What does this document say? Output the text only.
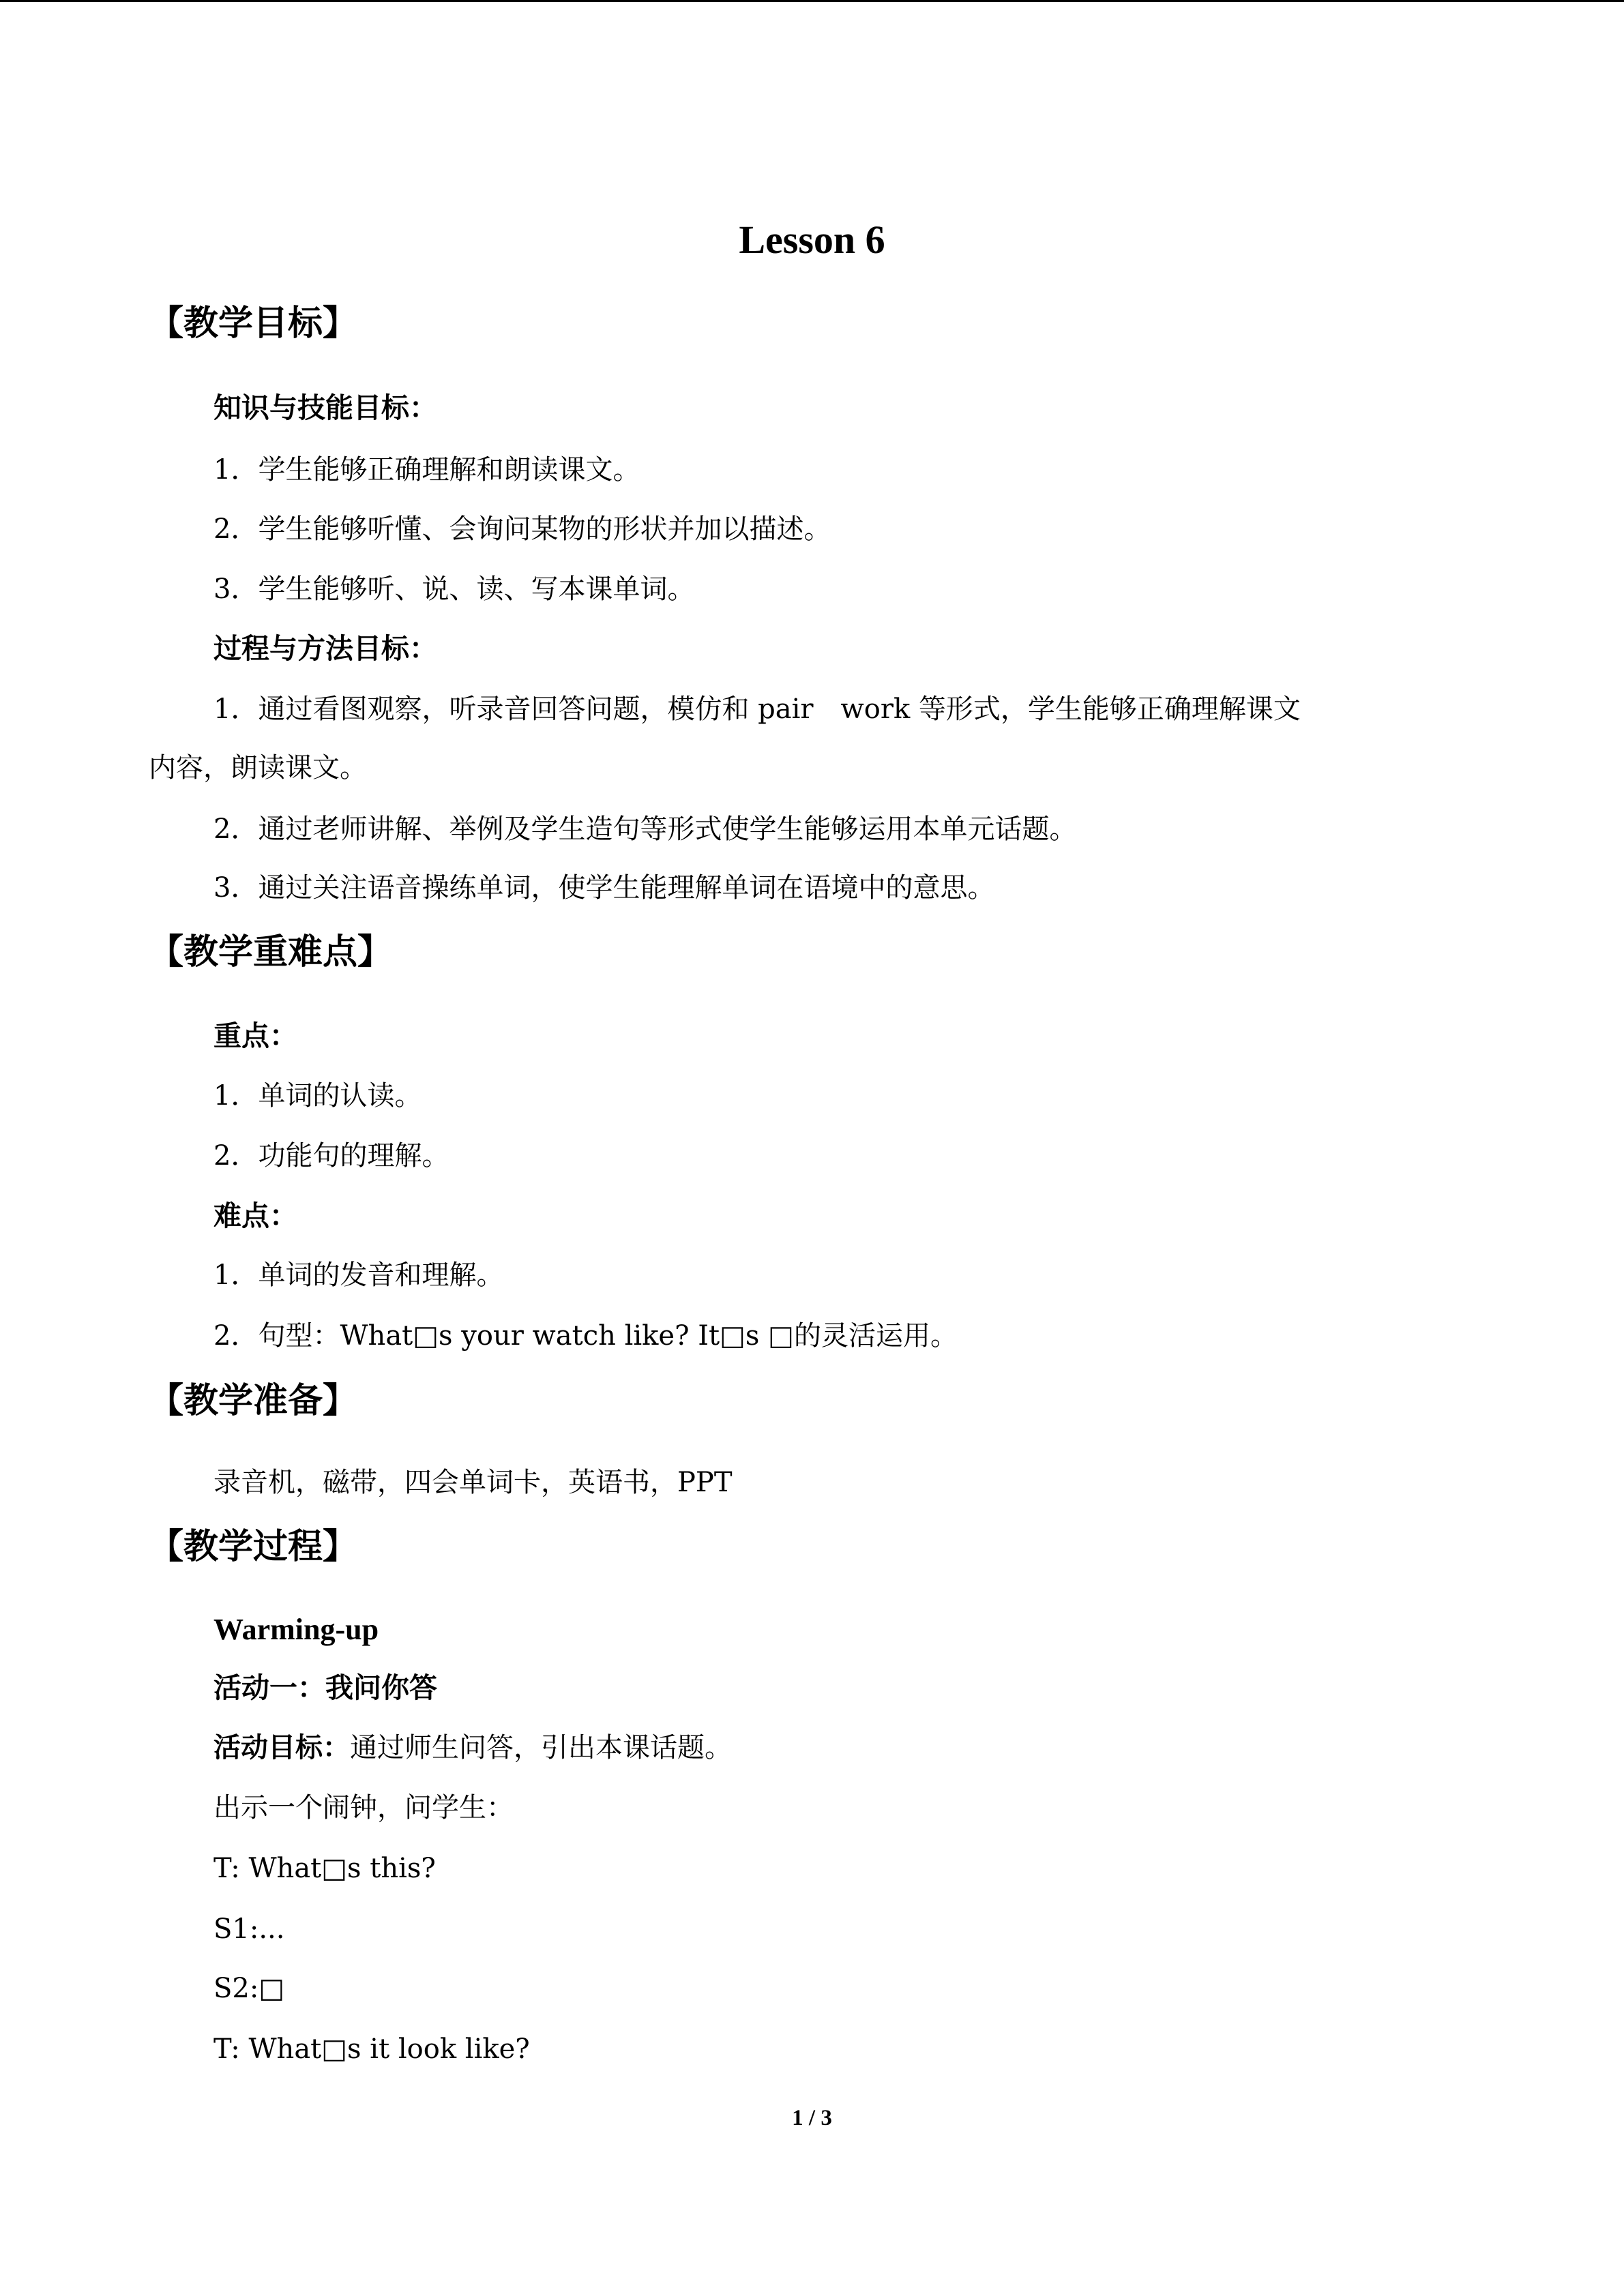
Lesson 6
【教学目标】
知识与技能目标：
1．学生能够正确理解和朗读课文。
2．学生能够听懂、会询问某物的形状并加以描述。
3．学生能够听、说、读、写本课单词。
过程与方法目标：
1．通过看图观察，听录音回答问题，模仿和 pair　work 等形式，学生能够正确理解课文
内容，朗读课文。
2．通过老师讲解、举例及学生造句等形式使学生能够运用本单元话题。
3．通过关注语音操练单词，使学生能理解单词在语境中的意思。
【教学重难点】
重点：
1．单词的认读。
2．功能句的理解。
难点：
1．单词的发音和理解。
2．句型：What□s your watch like? It□s □的灵活运用。
【教学准备】
录音机，磁带，四会单词卡，英语书，PPT
【教学过程】
Warming-up
活动一：我问你答
活动目标：通过师生问答，引出本课话题。
出示一个闹钟，问学生：
T: What□s this?
S1:...
S2:□
T: What□s it look like?
1 / 3
